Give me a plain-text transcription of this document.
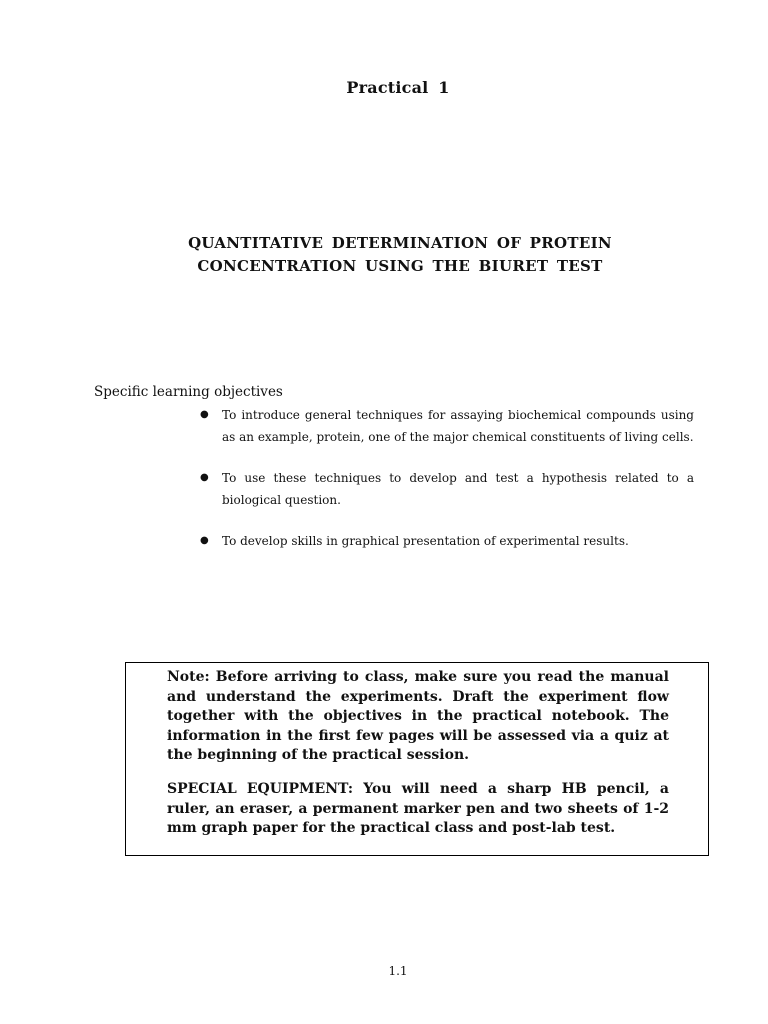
Practical 1
QUANTITATIVE DETERMINATION OF PROTEIN
CONCENTRATION USING THE BIURET TEST
Specific learning objectives
● To introduce general techniques for assaying biochemical compounds using as an example, protein, one of the major chemical constituents of living cells.
● To use these techniques to develop and test a hypothesis related to a biological question.
● To develop skills in graphical presentation of experimental results.

Note: Before arriving to class, make sure you read the manual and understand the experiments. Draft the experiment flow together with the objectives in the practical notebook. The information in the first few pages will be assessed via a quiz at the beginning of the practical session.

SPECIAL EQUIPMENT: You will need a sharp HB pencil, a ruler, an eraser, a permanent marker pen and two sheets of 1-2 mm graph paper for the practical class and post-lab test.

1.1
